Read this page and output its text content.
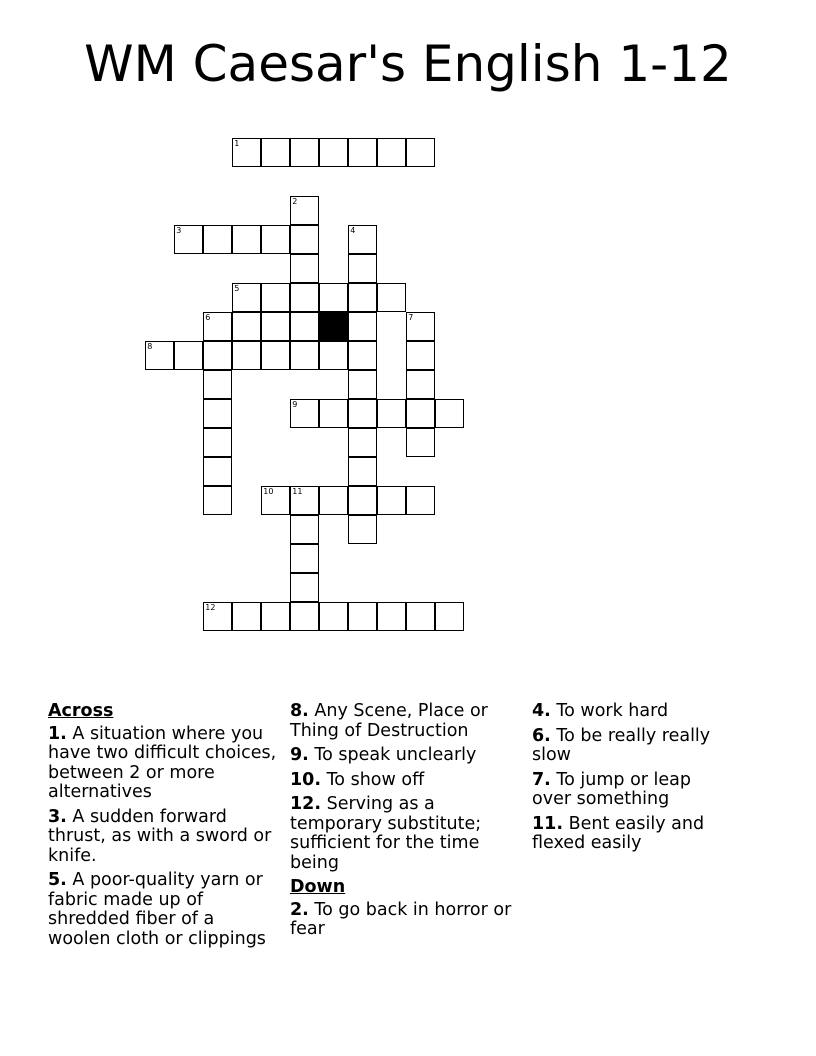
WM Caesar's English 1-12
1
2
3	4
5
6	7
8
9
10 11
12
Across
1. A situation where you have two difficult choices, between 2 or more alternatives
3. A sudden forward thrust, as with a sword or knife.
5. A poor-quality yarn or fabric made up of shredded fiber of a woolen cloth or clippings
8. Any Scene, Place or Thing of Destruction
9. To speak unclearly
10. To show off
12. Serving as a temporary substitute; sufficient for the time being
Down
2. To go back in horror or fear
4. To work hard
6. To be really really slow
7. To jump or leap over something
11. Bent easily and flexed easily
